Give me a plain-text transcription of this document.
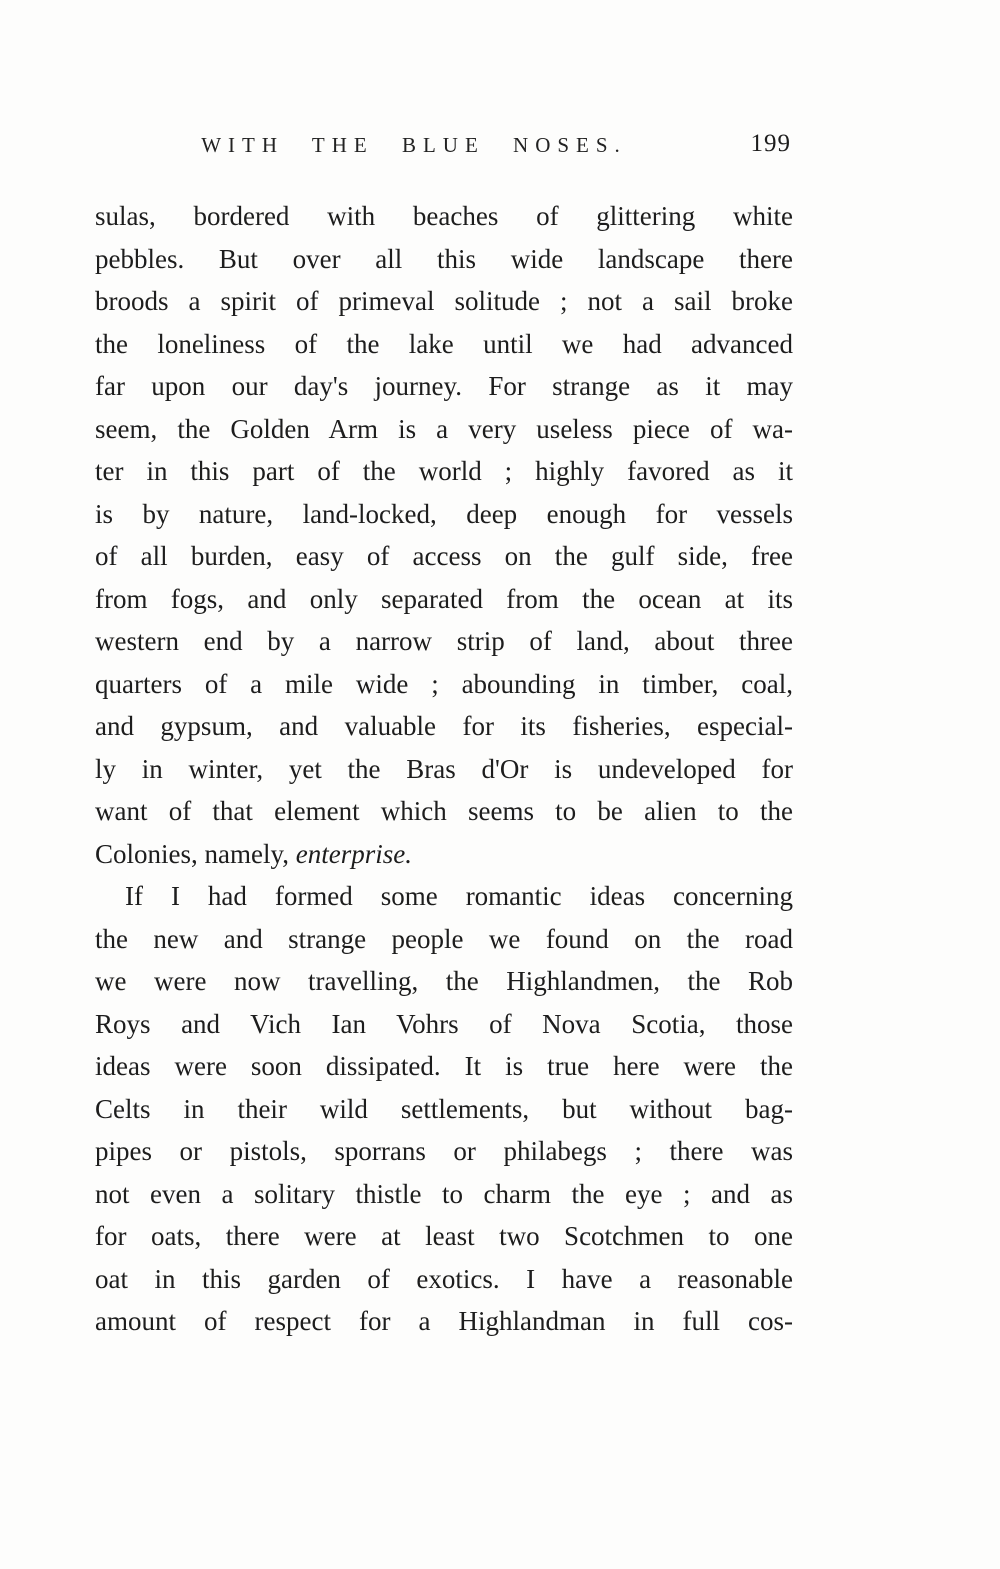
WITH THE BLUE NOSES.	199
sulas, bordered with beaches of glittering white
pebbles. But over all this wide landscape there
broods a spirit of primeval solitude ; not a sail broke
the loneliness of the lake until we had advanced
far upon our day's journey. For strange as it may
seem, the Golden Arm is a very useless piece of wa-
ter in this part of the world ; highly favored as it
is by nature, land-locked, deep enough for vessels
of all burden, easy of access on the gulf side, free
from fogs, and only separated from the ocean at its
western end by a narrow strip of land, about three
quarters of a mile wide ; abounding in timber, coal,
and gypsum, and valuable for its fisheries, especial-
ly in winter, yet the Bras d'Or is undeveloped for
want of that element which seems to be alien to the
Colonies, namely, enterprise.
If I had formed some romantic ideas concerning
the new and strange people we found on the road
we were now travelling, the Highlandmen, the Rob
Roys and Vich Ian Vohrs of Nova Scotia, those
ideas were soon dissipated. It is true here were the
Celts in their wild settlements, but without bag-
pipes or pistols, sporrans or philabegs ; there was
not even a solitary thistle to charm the eye ; and as
for oats, there were at least two Scotchmen to one
oat in this garden of exotics. I have a reasonable
amount of respect for a Highlandman in full cos-
